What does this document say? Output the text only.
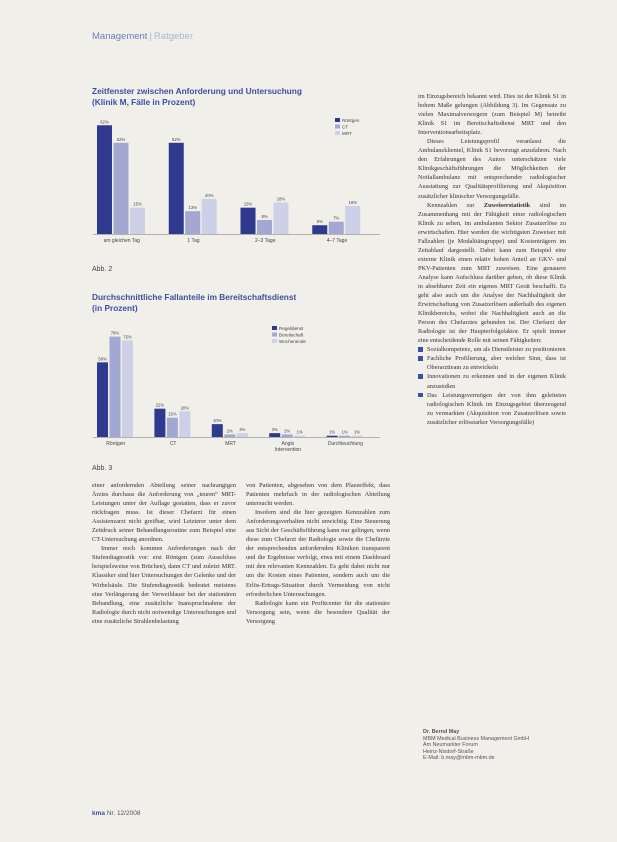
Management | Ratgeber
Zeitfenster zwischen Anforderung und Untersuchung
(Klinik M, Fälle in Prozent)
62%
52%
15%
am gleichen Tag
52%
13%
20%
1 Tag
15%
8%
18%
2–3 Tage
5%
7%
16%
4–7 Tage
Röntgen
CT
MRT
Abb. 2
Durchschnittliche Fallanteile im Bereitschaftsdienst
(in Prozent)
58%
78%
75%
Röntgen
22%
15%
20%
CT
10%
2% 3%
MRT
3% 2% 1%
Angio
Intervention
1% 1% 1%
Durchleuchtung
Regeldienst
Bereitschaft
Wochenende
Abb. 3

einer anfordernden Abteilung seiner nachrangigen Ärztes durchaus die Anforderung von „teuren“ MRT-Leistungen unter der Auflage gestatten, dass er zuvor rückfragen muss. Ist dieser Chefarzt für einen Assistenzarzt nicht greifbar, wird Letzterer unter dem Zeitdruck seiner Behandlungsroutine zum Beispiel eine CT-Untersuchung anordnen.

Immer noch kommen Anforderungen nach der Stufendiagnostik vor: erst Röntgen (zum Ausschluss beispielsweise von Brüchen), dann CT und zuletzt MRT. Klassiker sind hier Untersuchungen der Gelenke und der Wirbelsäule. Die Stufendiagnostik bedeutet meistens eine Verlängerung der Verweildauer bei der stationären Behandlung, eine zusätzliche Inanspruchnahme der Radiologie durch nicht notwendige Untersuchungen und eine zusätzliche Strahlenbelastung

von Patienten, abgesehen von dem Plazeeffekt, dass Patienten mehrfach in der radiologischen Abteilung untersucht werden.

Insofern sind die hier gezeigten Kennzahlen zum Anforderungsverhalten nicht unwichtig. Eine Steuerung aus Sicht der Geschäftsführung kann nur gelingen, wenn diese zum Chefarzt der Radiologie sowie die Chefärzte der entsprechenden anfordernden Kliniken transparent und die Ergebnisse verfolgt, etwa mit einem Dashboard mit den relevanten Kennzahlen. Es geht dabei nicht nur um die Kosten eines Patienten, sondern auch um die Erlös-Ertrags-Situation durch Vermeidung von nicht erforderlichen Untersuchungen.

Radiologie kann ein Profitcenter für die stationäre Versorgung sein, wenn die besondere Qualität der Versorgung

im Einzugsbereich bekannt wird. Dies ist der Klinik S1 in hohem Maße gelungen (Abbildung 3). Im Gegensatz zu vielen Maximalversorgern (zum Beispiel M) betreibt Klinik S1 im Bereitschaftsdienst MRT und den Interventionsarbeitsplatz.

Dieses Leistungsprofil veranlasst die Ambulanzklientel, Klinik S1 bevorzugt anzufahren. Nach den Erfahrungen des Autors unterschätzen viele Klinikgeschäftsführungen die Möglichkeiten der Notfallambulanz mit entsprechender radiologischer Ausstattung zur Qualitätsprofilierung und Akquisition zusätzlicher klinischer Versorgungsfälle.

Kennzahlen zur Zuweiserstatistik sind im Zusammenhang mit der Fähigkeit einer radiologischen Klinik zu sehen, im ambulanten Sektor Zusatzerlöse zu erwirtschaften. Hier werden die wichtigsten Zuweiser mit Fallzahlen (je Modalitätsgruppe) und Kostenträgern im Zeitablauf dargestellt. Dabei kann zum Beispiel eine externe Klinik einen relativ hohen Anteil an GKV- und PKV-Patienten zum MRT zuweisen. Eine genauere Analyse kann Aufschluss darüber geben, ob diese Klinik in absehbarer Zeit ein eigenes MRT Gerät beschafft. Es geht also auch um die Analyse der Nachhaltigkeit der Erwirtschaftung von Zusatzerlösen außerhalb des eigenen Klinikbereichs, wobei die Nachhaltigkeit auch an die Person des Chefarztes gebunden ist. Der Chefarzt der Radiologie ist der Haupterfolgsfaktor. Er spielt immer eine entscheidende Rolle mit seinen Fähigkeiten:

Sozialkompetenz, um als Dienstleister zu positionieren
Fachliche Profilierung, aber welcher Sinn, dass ist Oberarztteam zu entwickeln
Innovationen zu erkennen und in der eigenen Klinik anzustoßen
Das Leistungsvermögen der von ihm geleiteten radiologischen Klinik im Einzugsgebiet überzeugend zu vermarkten (Akquisition von Zusatzerlösen sowie zusätzlicher erlösstarker Versorgungsfälle)
Dr. Bernd May
MBM Medical Business Management GmbH
Am Neumarkter Forum
Heinz-Nixdorf-Straße
E-Mail: b.may@mbm-mbm.de
kma Nr. 12/2008
